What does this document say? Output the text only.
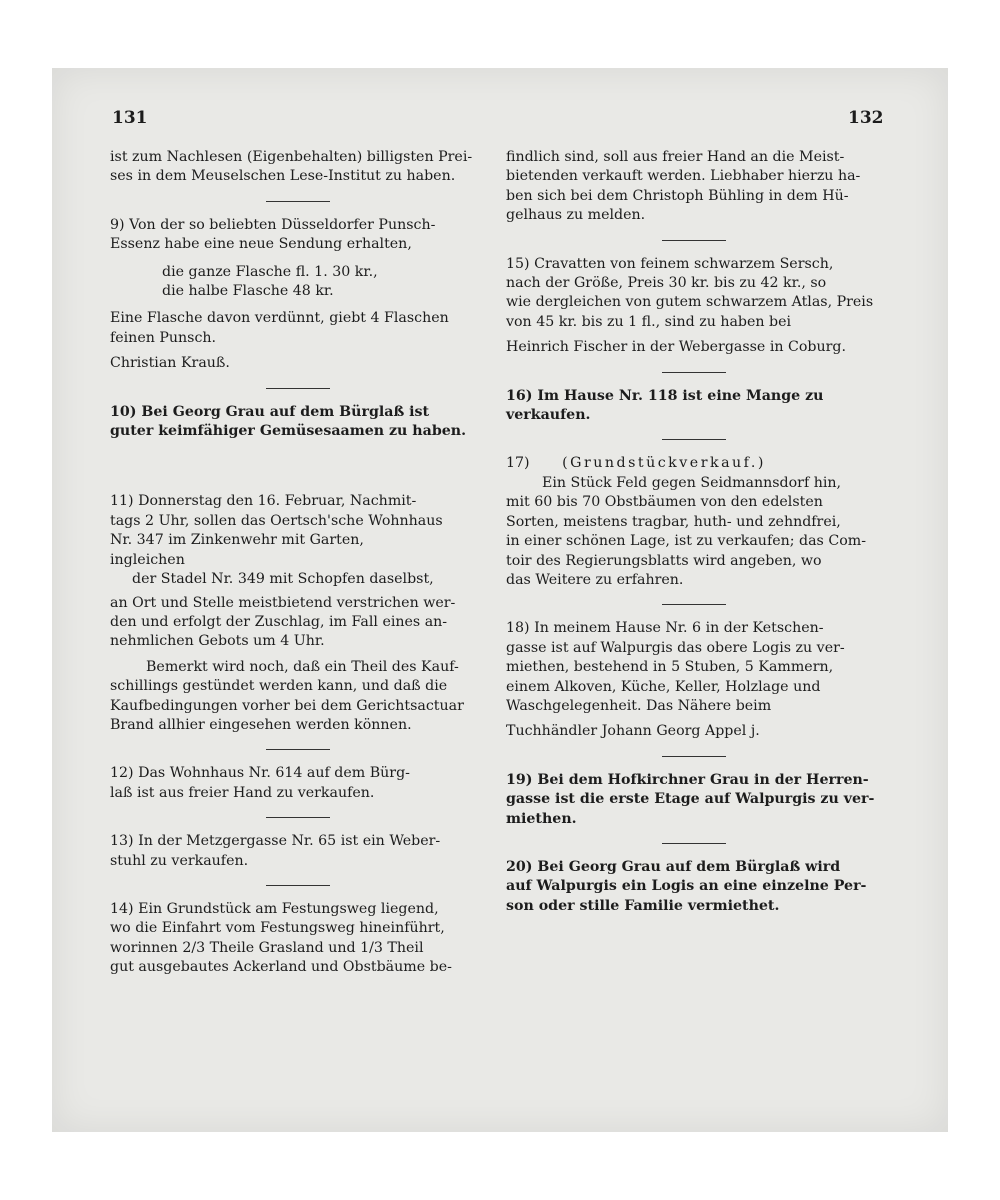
131	132

ist zum Nachlesen (Eigenbehalten) billigsten Prei-
ses in dem Meuselschen Lese-Institut zu haben.

9) Von der so beliebten Düsseldorfer Punsch-
Essenz habe eine neue Sendung erhalten,

die ganze Flasche fl. 1. 30 kr.,
die halbe Flasche 48 kr.

Eine Flasche davon verdünnt, giebt 4 Flaschen
feinen Punsch.

Christian Krauß.

10) Bei Georg Grau auf dem Bürglaß ist
guter keimfähiger Gemüsesaamen zu haben.

11) Donnerstag den 16. Februar, Nachmit-
tags 2 Uhr, sollen das Oertsch'sche Wohnhaus
Nr. 347 im Zinkenwehr mit Garten,
ingleichen

der Stadel Nr. 349 mit Schopfen daselbst,

an Ort und Stelle meistbietend verstrichen wer-
den und erfolgt der Zuschlag, im Fall eines an-
nehmlichen Gebots um 4 Uhr.

Bemerkt wird noch, daß ein Theil des Kauf-
schillings gestündet werden kann, und daß die
Kaufbedingungen vorher bei dem Gerichtsactuar
Brand allhier eingesehen werden können.

12) Das Wohnhaus Nr. 614 auf dem Bürg-
laß ist aus freier Hand zu verkaufen.

13) In der Metzgergasse Nr. 65 ist ein Weber-
stuhl zu verkaufen.

14) Ein Grundstück am Festungsweg liegend,
wo die Einfahrt vom Festungsweg hineinführt,
worinnen 2/3 Theile Grasland und 1/3 Theil
gut ausgebautes Ackerland und Obstbäume be-

findlich sind, soll aus freier Hand an die Meist-
bietenden verkauft werden. Liebhaber hierzu ha-
ben sich bei dem Christoph Bühling in dem Hü-
gelhaus zu melden.

15) Cravatten von feinem schwarzem Sersch,
nach der Größe, Preis 30 kr. bis zu 42 kr., so
wie dergleichen von gutem schwarzem Atlas, Preis
von 45 kr. bis zu 1 fl., sind zu haben bei

Heinrich Fischer in der Webergasse in Coburg.

16) Im Hause Nr. 118 ist eine Mange zu
verkaufen.

17) (Grundstückverkauf.)

Ein Stück Feld gegen Seidmannsdorf hin,

mit 60 bis 70 Obstbäumen von den edelsten
Sorten, meistens tragbar, huth- und zehndfrei,
in einer schönen Lage, ist zu verkaufen; das Com-
toir des Regierungsblatts wird angeben, wo
das Weitere zu erfahren.

18) In meinem Hause Nr. 6 in der Ketschen-
gasse ist auf Walpurgis das obere Logis zu ver-
miethen, bestehend in 5 Stuben, 5 Kammern,
einem Alkoven, Küche, Keller, Holzlage und
Waschgelegenheit. Das Nähere beim

Tuchhändler Johann Georg Appel j.

19) Bei dem Hofkirchner Grau in der Herren-
gasse ist die erste Etage auf Walpurgis zu ver-
miethen.

20) Bei Georg Grau auf dem Bürglaß wird
auf Walpurgis ein Logis an eine einzelne Per-
son oder stille Familie vermiethet.
